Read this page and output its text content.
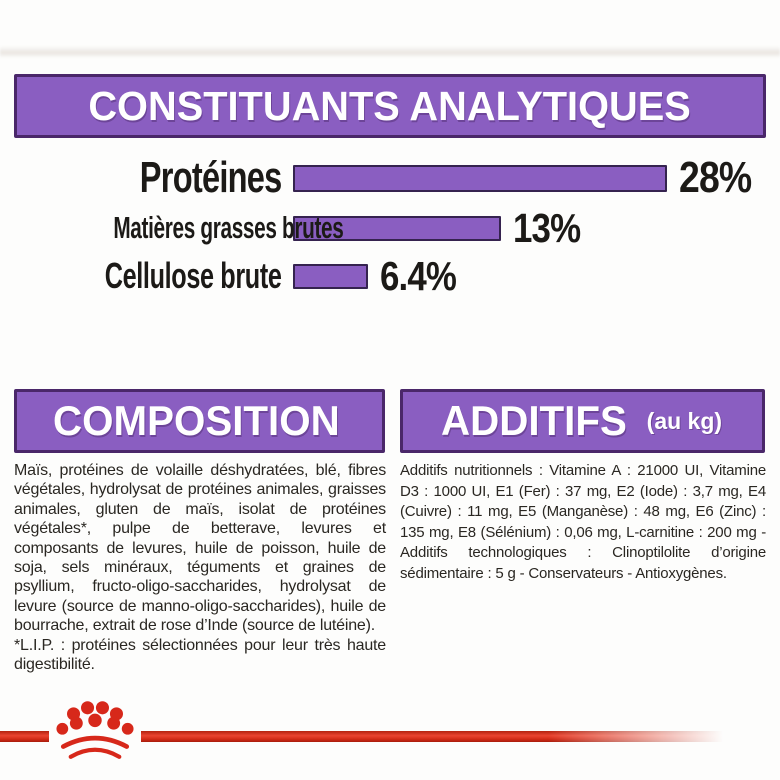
CONSTITUANTS ANALYTIQUES
Protéines	28%
Matières grasses brutes	13%
Cellulose brute 6.4%
COMPOSITION

Maïs, protéines de volaille déshydratées, blé, fibres végétales, hydrolysat de protéines animales, graisses animales, gluten de maïs, isolat de protéines végétales*, pulpe de betterave, levures et composants de levures, huile de poisson, huile de soja, sels minéraux, téguments et graines de psyllium, fructo-oligo-saccharides, hydrolysat de levure (source de manno-oligo-saccharides), huile de bourrache, extrait de rose d’Inde (source de lutéine).

*L.I.P. : protéines sélectionnées pour leur très haute digestibilité.

ADDITIFS (au kg)

Additifs nutritionnels : Vitamine A : 21000 UI, Vitamine D3 : 1000 UI, E1 (Fer) : 37 mg, E2 (Iode) : 3,7 mg, E4 (Cuivre) : 11 mg, E5 (Manganèse) : 48 mg, E6 (Zinc) : 135 mg, E8 (Sélénium) : 0,06 mg, L-carnitine : 200 mg - Additifs technologiques : Clinoptilolite d’origine sédimentaire : 5 g - Conservateurs - Antioxygènes.
